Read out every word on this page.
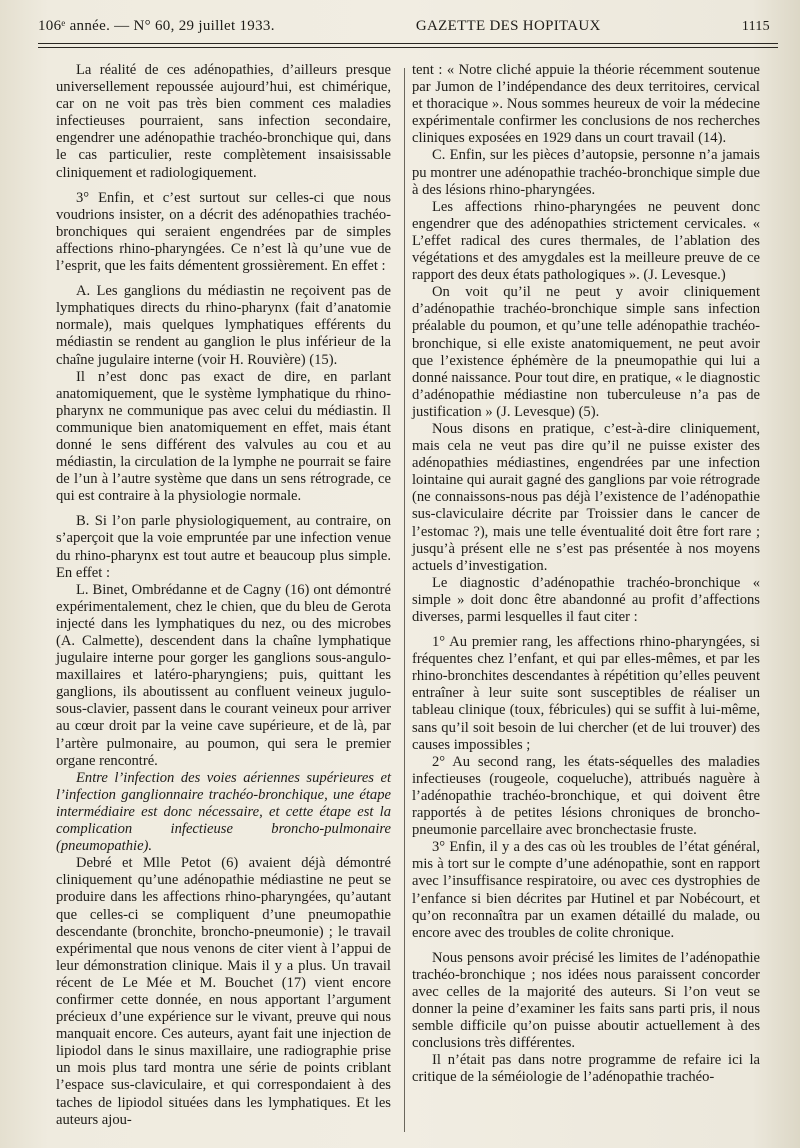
106ᵉ année. — N° 60, 29 juillet 1933.	GAZETTE DES HOPITAUX	1115

La réalité de ces adénopathies, d’ailleurs presque universellement repoussée aujourd’hui, est chimérique, car on ne voit pas très bien comment ces maladies infectieuses pourraient, sans infection secondaire, engendrer une adénopathie trachéo-bronchique qui, dans le cas particulier, reste complètement insaisissable cliniquement et radiologiquement.

3° Enfin, et c’est surtout sur celles-ci que nous voudrions insister, on a décrit des adénopathies trachéo-bronchiques qui seraient engendrées par de simples affections rhino-pharyngées. Ce n’est là qu’une vue de l’esprit, que les faits démentent grossièrement. En effet :

A. Les ganglions du médiastin ne reçoivent pas de lymphatiques directs du rhino-pharynx (fait d’anatomie normale), mais quelques lymphatiques efférents du médiastin se rendent au ganglion le plus inférieur de la chaîne jugulaire interne (voir H. Rouvière) (15).

Il n’est donc pas exact de dire, en parlant anatomiquement, que le système lymphatique du rhino-pharynx ne communique pas avec celui du médiastin. Il communique bien anatomiquement en effet, mais étant donné le sens différent des valvules au cou et au médiastin, la circulation de la lymphe ne pourrait se faire de l’un à l’autre système que dans un sens rétrograde, ce qui est contraire à la physiologie normale.

B. Si l’on parle physiologiquement, au contraire, on s’aperçoit que la voie empruntée par une infection venue du rhino-pharynx est tout autre et beaucoup plus simple. En effet :

L. Binet, Ombrédanne et de Cagny (16) ont démontré expérimentalement, chez le chien, que du bleu de Gerota injecté dans les lymphatiques du nez, ou des microbes (A. Calmette), descendent dans la chaîne lymphatique jugulaire interne pour gorger les ganglions sous-angulo-maxillaires et latéro-pharyngiens; puis, quittant les ganglions, ils aboutissent au confluent veineux jugulo-sous-clavier, passent dans le courant veineux pour arriver au cœur droit par la veine cave supérieure, et de là, par l’artère pulmonaire, au poumon, qui sera le premier organe rencontré.

Entre l’infection des voies aériennes supérieures et l’infection ganglionnaire trachéo-bronchique, une étape intermédiaire est donc nécessaire, et cette étape est la complication infectieuse broncho-pulmonaire (pneumopathie).

Debré et Mlle Petot (6) avaient déjà démontré cliniquement qu’une adénopathie médiastine ne peut se produire dans les affections rhino-pharyngées, qu’autant que celles-ci se compliquent d’une pneumopathie descendante (bronchite, broncho-pneumonie) ; le travail expérimental que nous venons de citer vient à l’appui de leur démonstration clinique. Mais il y a plus. Un travail récent de Le Mée et M. Bouchet (17) vient encore confirmer cette donnée, en nous apportant l’argument précieux d’une expérience sur le vivant, preuve qui nous manquait encore. Ces auteurs, ayant fait une injection de lipiodol dans le sinus maxillaire, une radiographie prise un mois plus tard montra une série de points criblant l’espace sus-claviculaire, et qui correspondaient à des taches de lipiodol situées dans les lymphatiques. Et les auteurs ajou-

tent : « Notre cliché appuie la théorie récemment soutenue par Jumon de l’indépendance des deux territoires, cervical et thoracique ». Nous sommes heureux de voir la médecine expérimentale confirmer les conclusions de nos recherches cliniques exposées en 1929 dans un court travail (14).

C. Enfin, sur les pièces d’autopsie, personne n’a jamais pu montrer une adénopathie trachéo-bronchique simple due à des lésions rhino-pharyngées.

Les affections rhino-pharyngées ne peuvent donc engendrer que des adénopathies strictement cervicales. « L’effet radical des cures thermales, de l’ablation des végétations et des amygdales est la meilleure preuve de ce rapport des deux états pathologiques ». (J. Levesque.)

On voit qu’il ne peut y avoir cliniquement d’adénopathie trachéo-bronchique simple sans infection préalable du poumon, et qu’une telle adénopathie trachéo-bronchique, si elle existe anatomiquement, ne peut avoir que l’existence éphémère de la pneumopathie qui lui a donné naissance. Pour tout dire, en pratique, « le diagnostic d’adénopathie médiastine non tuberculeuse n’a pas de justification » (J. Levesque) (5).

Nous disons en pratique, c’est-à-dire cliniquement, mais cela ne veut pas dire qu’il ne puisse exister des adénopathies médiastines, engendrées par une infection lointaine qui aurait gagné des ganglions par voie rétrograde (ne connaissons-nous pas déjà l’existence de l’adénopathie sus-claviculaire décrite par Troissier dans le cancer de l’estomac ?), mais une telle éventualité doit être fort rare ; jusqu’à présent elle ne s’est pas présentée à nos moyens actuels d’investigation.

Le diagnostic d’adénopathie trachéo-bronchique « simple » doit donc être abandonné au profit d’affections diverses, parmi lesquelles il faut citer :

1° Au premier rang, les affections rhino-pharyngées, si fréquentes chez l’enfant, et qui par elles-mêmes, et par les rhino-bronchites descendantes à répétition qu’elles peuvent entraîner à leur suite sont susceptibles de réaliser un tableau clinique (toux, fébricules) qui se suffit à lui-même, sans qu’il soit besoin de lui chercher (et de lui trouver) des causes impossibles ;

2° Au second rang, les états-séquelles des maladies infectieuses (rougeole, coqueluche), attribués naguère à l’adénopathie trachéo-bronchique, et qui doivent être rapportés à de petites lésions chroniques de broncho-pneumonie parcellaire avec bronchectasie fruste.

3° Enfin, il y a des cas où les troubles de l’état général, mis à tort sur le compte d’une adénopathie, sont en rapport avec l’insuffisance respiratoire, ou avec ces dystrophies de l’enfance si bien décrites par Hutinel et par Nobécourt, et qu’on reconnaîtra par un examen détaillé du malade, ou encore avec des troubles de colite chronique.

Nous pensons avoir précisé les limites de l’adénopathie trachéo-bronchique ; nos idées nous paraissent concorder avec celles de la majorité des auteurs. Si l’on veut se donner la peine d’examiner les faits sans parti pris, il nous semble difficile qu’on puisse aboutir actuellement à des conclusions très différentes.

Il n’était pas dans notre programme de refaire ici la critique de la séméiologie de l’adénopathie trachéo-
